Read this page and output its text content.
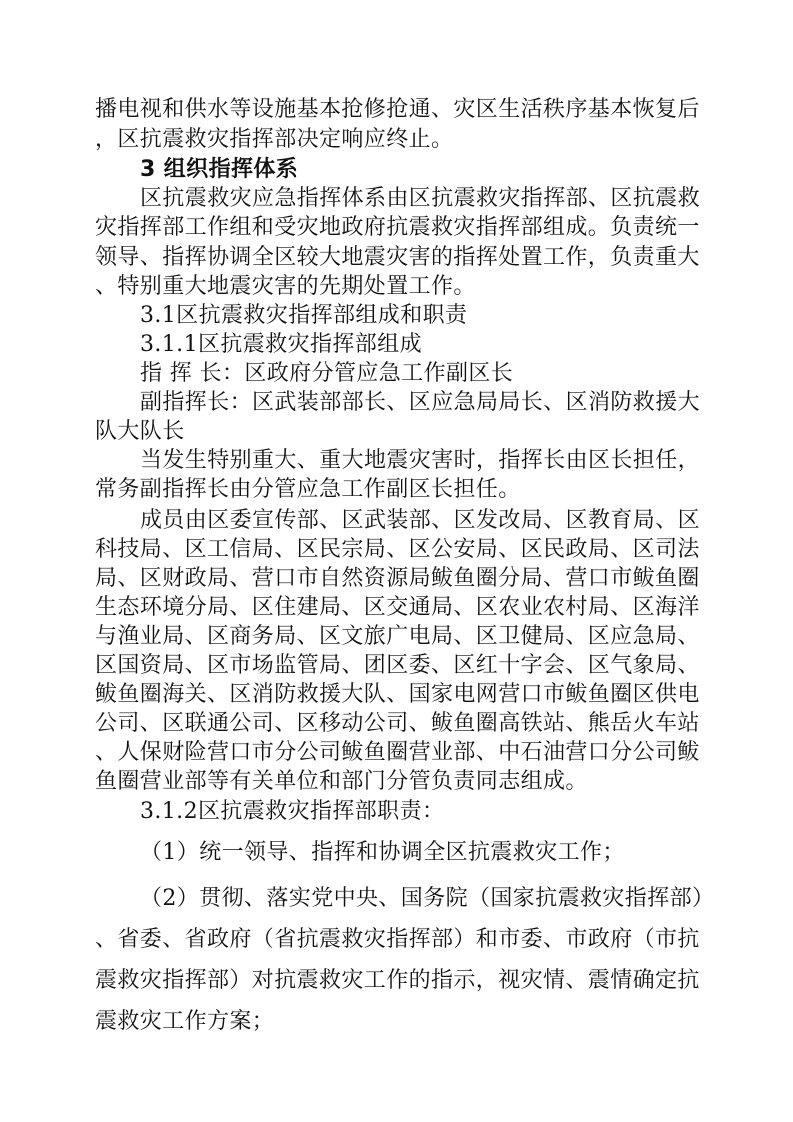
播电视和供水等设施基本抢修抢通、灾区生活秩序基本恢复后
，区抗震救灾指挥部决定响应终止。
3 组织指挥体系
区抗震救灾应急指挥体系由区抗震救灾指挥部、区抗震救
灾指挥部工作组和受灾地政府抗震救灾指挥部组成。负责统一
领导、指挥协调全区较大地震灾害的指挥处置工作，负责重大
、特别重大地震灾害的先期处置工作。
3.1区抗震救灾指挥部组成和职责
3.1.1区抗震救灾指挥部组成
指 挥 长：区政府分管应急工作副区长
副指挥长：区武装部部长、区应急局局长、区消防救援大
队大队长
当发生特别重大、重大地震灾害时，指挥长由区长担任，
常务副指挥长由分管应急工作副区长担任。
成员由区委宣传部、区武装部、区发改局、区教育局、区
科技局、区工信局、区民宗局、区公安局、区民政局、区司法
局、区财政局、营口市自然资源局鲅鱼圈分局、营口市鲅鱼圈
生态环境分局、区住建局、区交通局、区农业农村局、区海洋
与渔业局、区商务局、区文旅广电局、区卫健局、区应急局、
区国资局、区市场监管局、团区委、区红十字会、区气象局、
鲅鱼圈海关、区消防救援大队、国家电网营口市鲅鱼圈区供电
公司、区联通公司、区移动公司、鲅鱼圈高铁站、熊岳火车站
、人保财险营口市分公司鲅鱼圈营业部、中石油营口分公司鲅
鱼圈营业部等有关单位和部门分管负责同志组成。
3.1.2区抗震救灾指挥部职责：
（1）统一领导、指挥和协调全区抗震救灾工作；
（2）贯彻、落实党中央、国务院（国家抗震救灾指挥部）
、省委、省政府（省抗震救灾指挥部）和市委、市政府（市抗
震救灾指挥部）对抗震救灾工作的指示，视灾情、震情确定抗
震救灾工作方案；
